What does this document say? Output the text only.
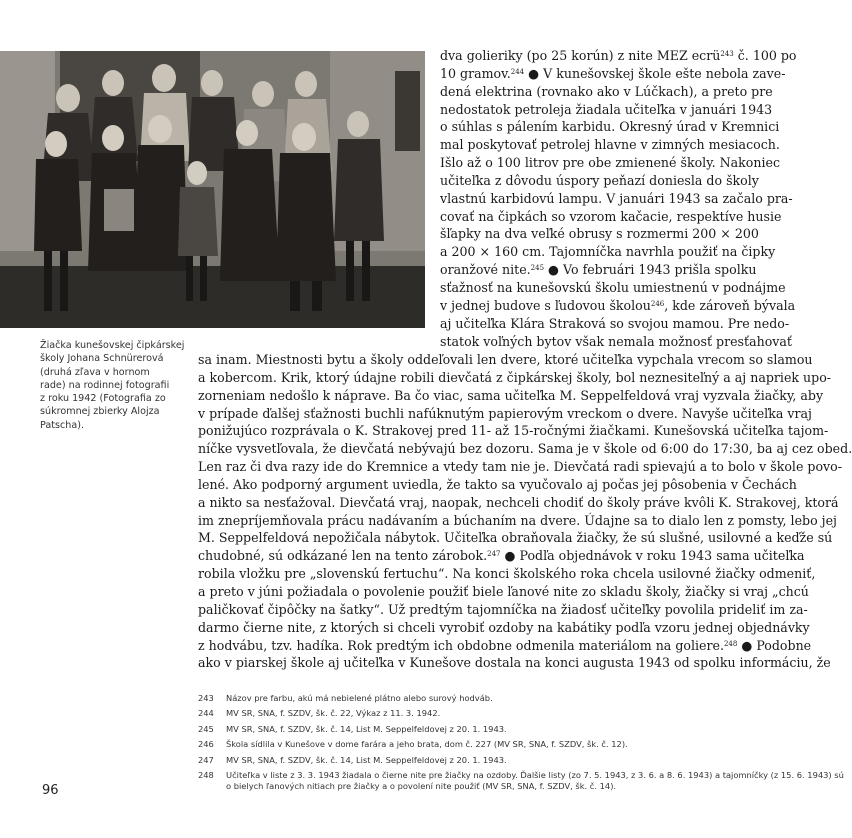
Žiačka kunešovskej čipkárskej
školy Johana Schnürerová
(druhá zľava v hornom
rade) na rodinnej fotografii
z roku 1942 (Fotografia zo
súkromnej zbierky Alojza
Patscha).
dva golieriky (po 25 korún) z nite MEZ ecrü$^{243}$ č. 100 po
10 gramov.$^{244}$ ● V kunešovskej škole ešte nebola zave-
dená elektrina (rovnako ako v Lúčkach), a preto pre
nedostatok petroleja žiadala učiteľka v januári 1943
o súhlas s pálením karbidu. Okresný úrad v Kremnici
mal poskytovať petrolej hlavne v zimných mesiacoch.
Išlo až o 100 litrov pre obe zmienené školy. Nakoniec
učiteľka z dôvodu úspory peňazí doniesla do školy
vlastnú karbidovú lampu. V januári 1943 sa začalo pra-
covať na čipkách so vzorom kačacie, respektíve husie
šľapky na dva veľké obrusy s rozmermi 200 × 200
a 200 × 160 cm. Tajomníčka navrhla použiť na čipky
oranžové nite.$^{245}$ ● Vo februári 1943 prišla spolku
sťažnosť na kunešovskú školu umiestnenú v podnájme
v jednej budove s ľudovou školou$^{246}$, kde zároveň bývala
aj učiteľka Klára Straková so svojou mamou. Pre nedo-
statok voľných bytov však nemala možnosť presťahovať
sa inam. Miestnosti bytu a školy oddeľovali len dvere, ktoré učiteľka vypchala vrecom so slamou
a kobercom. Krik, ktorý údajne robili dievčatá z čipkárskej školy, bol neznesiteľný a aj napriek upo-
zorneniam nedošlo k náprave. Ba čo viac, sama učiteľka M. Seppelfeldová vraj vyzvala žiačky, aby
v prípade ďalšej sťažnosti buchli nafúknutým papierovým vreckom o dvere. Navyše učiteľka vraj
ponižujúco rozprávala o K. Strakovej pred 11- až 15-ročnými žiačkami. Kunešovská učiteľka tajom-
níčke vysvetľovala, že dievčatá nebývajú bez dozoru. Sama je v škole od 6:00 do 17:30, ba aj cez obed.
Len raz či dva razy ide do Kremnice a vtedy tam nie je. Dievčatá radi spievajú a to bolo v škole povo-
lené. Ako podporný argument uviedla, že takto sa vyučovalo aj počas jej pôsobenia v Čechách
a nikto sa nesťažoval. Dievčatá vraj, naopak, nechceli chodiť do školy práve kvôli K. Strakovej, ktorá
im znepríjemňovala prácu nadávaním a búchaním na dvere. Údajne sa to dialo len z pomsty, lebo jej
M. Seppelfeldová nepožičala nábytok. Učiteľka obraňovala žiačky, že sú slušné, usilovné a keďže sú
chudobné, sú odkázané len na tento zárobok.$^{247}$ ● Podľa objednávok v roku 1943 sama učiteľka
robila vložku pre „slovenskú fertuchu“. Na konci školského roka chcela usilovné žiačky odmeniť,
a preto v júni požiadala o povolenie použiť biele ľanové nite zo skladu školy, žiačky si vraj „chcú
paličkovať čipôčky na šatky“. Už predtým tajomníčka na žiadosť učiteľky povolila prideliť im za-
darmo čierne nite, z ktorých si chceli vyrobiť ozdoby na kabátiky podľa vzoru jednej objednávky
z hodvábu, tzv. hadíka. Rok predtým ich obdobne odmenila materiálom na goliere.$^{248}$ ● Podobne
ako v piarskej škole aj učiteľka v Kunešove dostala na konci augusta 1943 od spolku informáciu, že
243	Názov pre farbu, akú má nebielené plátno alebo surový hodváb.
244	MV SR, SNA, f. SZDV, šk. č. 22, Výkaz z 11. 3. 1942.
245	MV SR, SNA, f. SZDV, šk. č. 14, List M. Seppelfeldovej z 20. 1. 1943.
246	Škola sídlila v Kunešove v dome farára a jeho brata, dom č. 227 (MV SR, SNA, f. SZDV, šk. č. 12).
247	MV SR, SNA, f. SZDV, šk. č. 14, List M. Seppelfeldovej z 20. 1. 1943.
248	Učiteľka v liste z 3. 3. 1943 žiadala o čierne nite pre žiačky na ozdoby. Ďalšie listy (zo 7. 5. 1943, z 3. 6. a 8. 6. 1943) a tajomníčky (z 15. 6. 1943) sú
o bielych ľanových nitiach pre žiačky a o povolení nite použiť (MV SR, SNA, f. SZDV, šk. č. 14).
96
